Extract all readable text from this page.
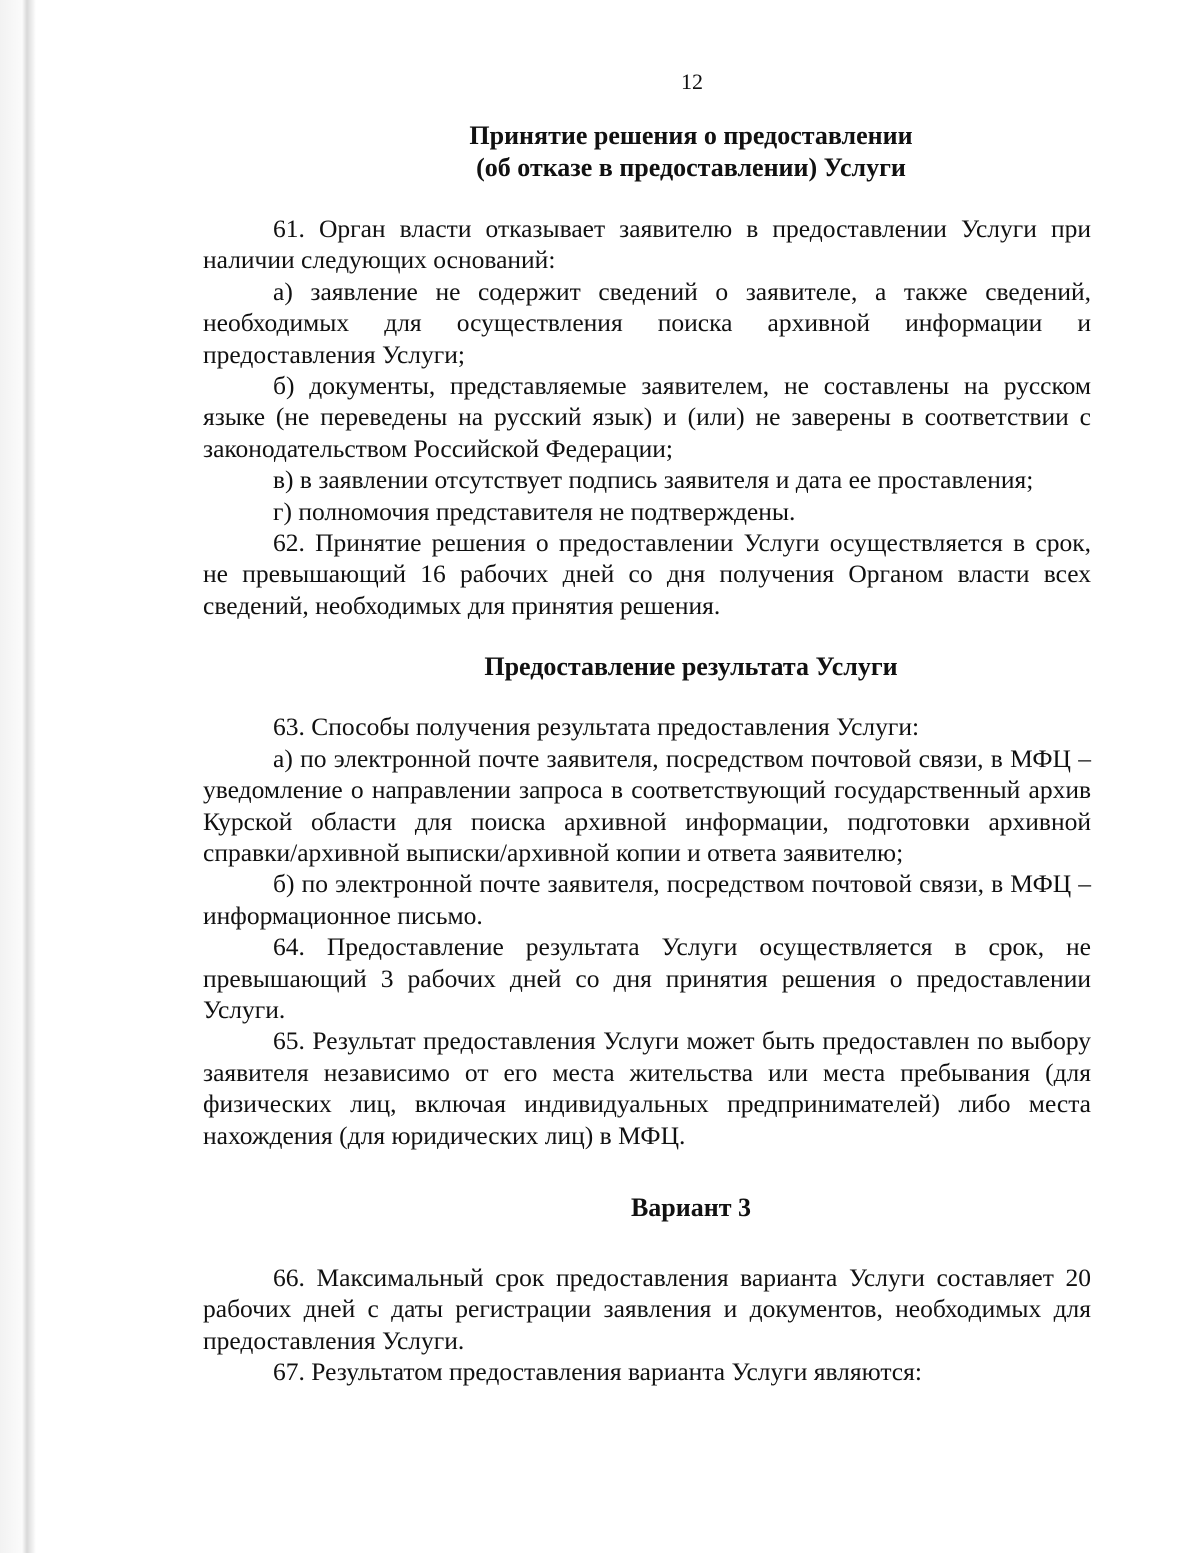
12
Принятие решения о предоставлении
(об отказе в предоставлении) Услуги

61. Орган власти отказывает заявителю в предоставлении Услуги при наличии следующих оснований:

а) заявление не содержит сведений о заявителе, а также сведений, необходимых для осуществления поиска архивной информации и предоставления Услуги;

б) документы, представляемые заявителем, не составлены на русском языке (не переведены на русский язык) и (или) не заверены в соответствии с законодательством Российской Федерации;

в) в заявлении отсутствует подпись заявителя и дата ее проставления;

г) полномочия представителя не подтверждены.

62. Принятие решения о предоставлении Услуги осуществляется в срок, не превышающий 16 рабочих дней со дня получения Органом власти всех сведений, необходимых для принятия решения.

Предоставление результата Услуги

63. Способы получения результата предоставления Услуги:

а) по электронной почте заявителя, посредством почтовой связи, в МФЦ – уведомление о направлении запроса в соответствующий государственный архив Курской области для поиска архивной информации, подготовки архивной справки/архивной выписки/архивной копии и ответа заявителю;

б) по электронной почте заявителя, посредством почтовой связи, в МФЦ – информационное письмо.

64. Предоставление результата Услуги осуществляется в срок, не превышающий 3 рабочих дней со дня принятия решения о предоставлении Услуги.

65. Результат предоставления Услуги может быть предоставлен по выбору заявителя независимо от его места жительства или места пребывания (для физических лиц, включая индивидуальных предпринимателей) либо места нахождения (для юридических лиц) в МФЦ.

Вариант 3

66. Максимальный срок предоставления варианта Услуги составляет 20 рабочих дней с даты регистрации заявления и документов, необходимых для предоставления Услуги.

67. Результатом предоставления варианта Услуги являются:
